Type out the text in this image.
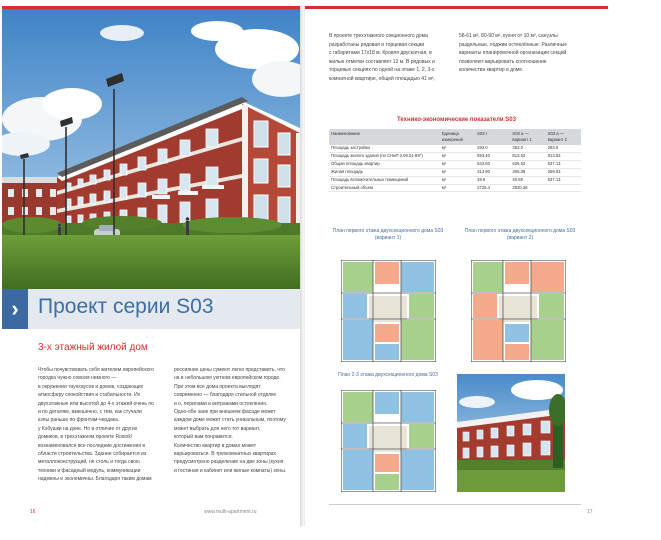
› Проект серии S03
3-х этажный жилой дом

Чтобы почувствовать себя жителем европейского городка нужно совсем немного —

в окружении таунхаусов и домов, создающих атмосферу спокойствия и стабильности. Их

двухэтажные или высотой до 4-х этажей очень по

и по деталям, взвешенно, с тем, как стучали

кэпы раньше по фронтам-чердака.

у Кэбушки на даче. Но в отличие от других

домиков, в трехэтажном проекте Rosink!

вознаменовался все последние достижения в

области строительства. Здание собирается из

металлоконструкций, не столь и тогда свою

техники и фасадный модуль, коммуникации

надежны и экономичны. Благодаря таким домам

россиянин цены сумеют легко представить, что

на в небольшом уютном европейском городе.

При этом все дома проекта выглядят

современно — благодаря стильной отделке

и о, перилами и витражами остекления.

Одно-обе зане при внешнем фасаде может

каждом доме может стать уникальным, поэтому

может выбрать для него тот вариант,

который вам понравится.

Количество квартир в домах может

варьироваться. В трехкомнатных квартирах

предусмотрено разделение на две зоны (кухня

и гостиная и кабинет или жилые комнаты) зоны.

16	www.multi-apartment.ru

В проекте трехэтажного секционного дома

разработаны рядовая и торцевая секции

с габаритами 17х18 м. Кровля двускатная, в

жилые отметки составляет 12 м. В рядовых и

торцевых секциях по одной на этаже 1, 2, 3-х

комнатной квартире, общей площадью 41 м²,

58-61 м², 80-90 м², кухня от 10 м², санузлы

раздельные, лоджии остеклённые. Различные

варианты планировочной организации секций

позволяют варьировать соотношение

количества квартир в доме.

Технико-экономические показатели S03
Наименование	Единица измерения	S03 I	S03 a — вариант 1	S03 а — вариант 2
Площадь застройки	м²	293.0	353.0	293.0
Площадь жилого здания (по СНиП 2.08.01-89*)	м²	693.40	813.53	813.53
Общая площадь квартир	м²	543.60	626.53	537.13
Жилая площадь	м²	313.90	306.38	259.03
Площадь вспомогательных помещений	м²	49.8	40.69	537.13
Строительный объем	м³	2725.4	2820.36	
План первого этажа двухсекционного дома S03 (вариант 1)
План первого этажа двухсекционного дома S03 (вариант 2)
План 2-3 этажа двухсекционного дома S03
17
